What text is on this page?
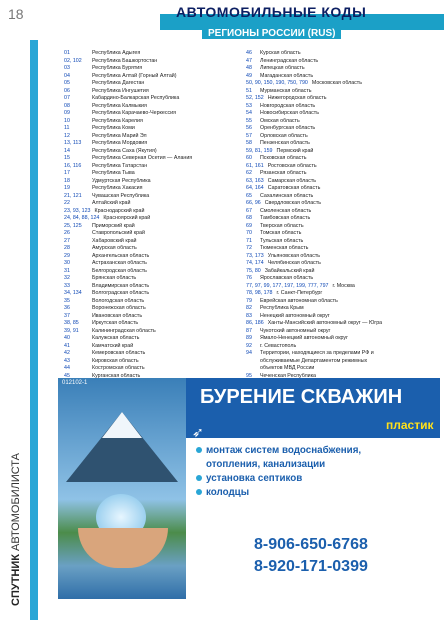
18	АВТОМОБИЛЬНЫЕ КОДЫ
РЕГИОНЫ РОССИИ (RUS)
СПУТНИК АВТОМОБИЛИСТА
01	Республика Адыгея
02, 102	Республика Башкортостан
03	Республика Бурятия
04	Республика Алтай (Горный Алтай)
05	Республика Дагестан
06	Республика Ингушетия
07	Кабардино-Балкарская Республика
08	Республика Калмыкия
09	Республика Карачаево-Черкессия
10	Республика Карелия
11	Республика Коми
12	Республика Марий Эл
13, 113	Республика Мордовия
14	Республика Саха (Якутия)
15	Республика Северная Осетия — Алания
16, 116	Республика Татарстан
17	Республика Тыва
18	Удмуртская Республика
19	Республика Хакасия
21, 121	Чувашская Республика
22	Алтайский край
23, 93, 123 Краснодарский край
24, 84, 88, 124 Красноярский край
25, 125	Приморский край
26	Ставропольский край
27	Хабаровский край
28	Амурская область
29	Архангельская область
30	Астраханская область
31	Белгородская область
32	Брянская область
33	Владимирская область
34, 134	Волгоградская область
35	Вологодская область
36	Воронежская область
37	Ивановская область
38, 85	Иркутская область
39, 91	Калининградская область
40	Калужская область
41	Камчатский край
42	Кемеровская область
43	Кировская область
44	Костромская область
45	Курганская область
46	Курская область
47	Ленинградская область
48	Липецкая область
49	Магаданская область
50, 90, 150, 190, 750, 790 Московская область
51	Мурманская область
52, 152 Нижегородская область
53	Новгородская область
54	Новосибирская область
55	Омская область
56	Оренбургская область
57	Орловская область
58	Пензенская область
59, 81, 159 Пермский край
60	Псковская область
61, 161 Ростовская область
62	Рязанская область
63, 163 Самарская область
64, 164 Саратовская область
65	Сахалинская область
66, 96 Свердловская область
67	Смоленская область
68	Тамбовская область
69	Тверская область
70	Томская область
71	Тульская область
72	Тюменская область
73, 173 Ульяновская область
74, 174 Челябинская область
75, 80 Забайкальский край
76	Ярославская область
77, 97, 99, 177, 197, 199, 777, 797 г. Москва
78, 98, 178 г. Санкт-Петербург
79	Еврейская автономная область
82	Республика Крым
83	Ненецкий автономный округ
86, 186 Ханты-Мансийский автономный округ — Югра
87	Чукотский автономный округ
89	Ямало-Ненецкий автономный округ
92	г. Севастополь
94	Территории, находящиеся за пределами РФ и
обслуживаемые Департаментом режимных
объектов МВД России
95	Чеченская Республика
012102-1
БУРЕНИЕ СКВАЖИН
➶	пластик
монтаж систем водоснабжения,
отопления, канализации
установка септиков
колодцы
8-906-650-6768
8-920-171-0399
